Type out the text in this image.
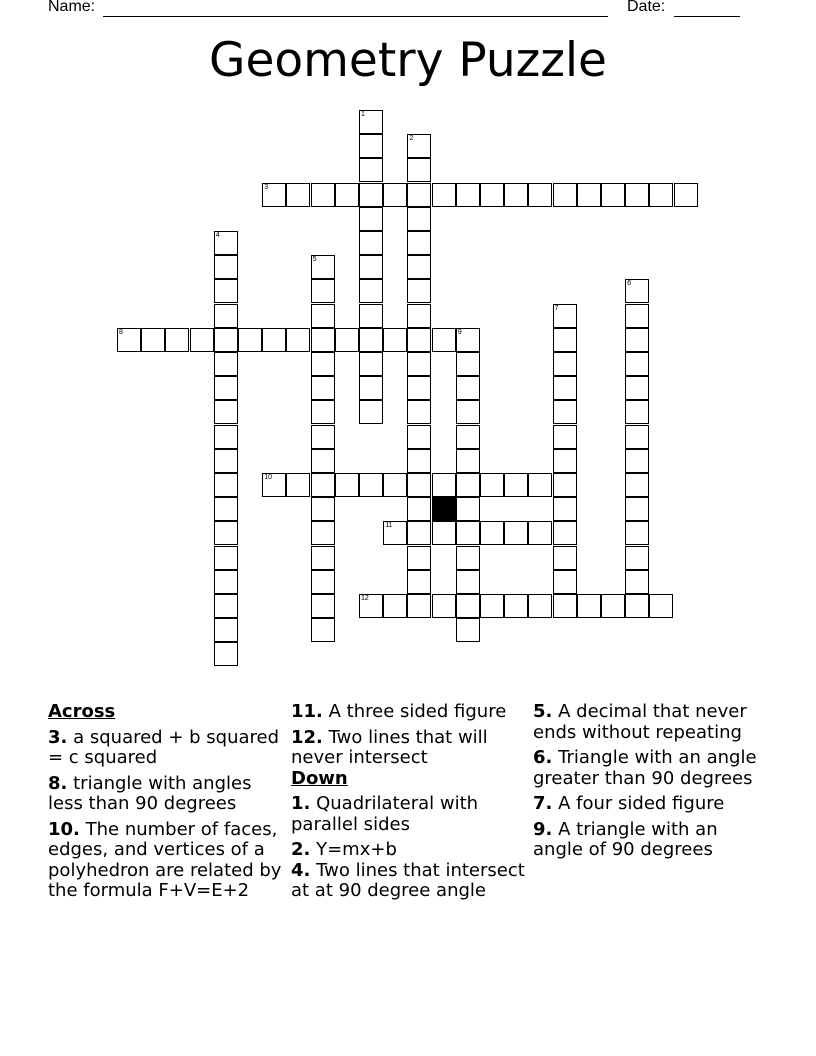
Name:	Date:
Geometry Puzzle
1
2
3
4
5
6
7
8	9
10
11
12
Across
3. a squared + b squared = c squared
8. triangle with angles less than 90 degrees
10. The number of faces, edges, and vertices of a polyhedron are related by the formula F+V=E+2
11. A three sided figure
12. Two lines that will never intersect
Down
1. Quadrilateral with parallel sides
2. Y=mx+b
4. Two lines that intersect at at 90 degree angle
5. A decimal that never ends without repeating
6. Triangle with an angle greater than 90 degrees
7. A four sided figure
9. A triangle with an angle of 90 degrees
